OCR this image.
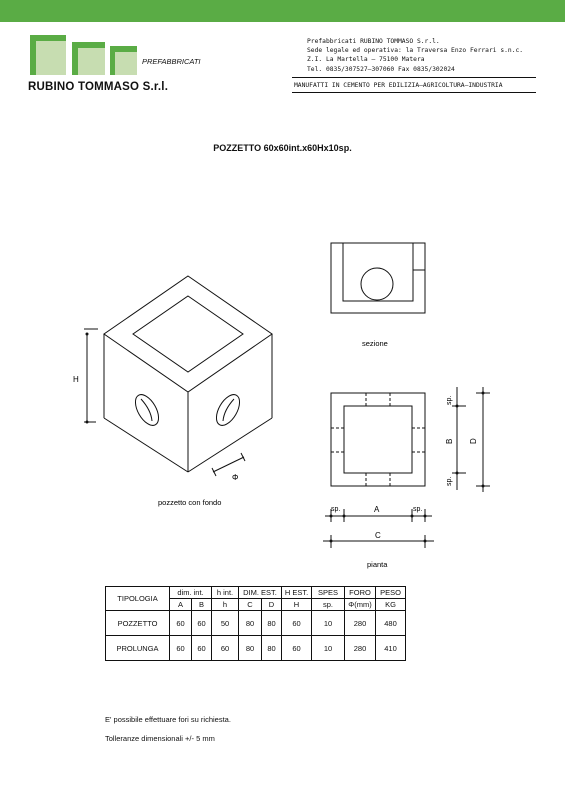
PREFABBRICATI
RUBINO TOMMASO S.r.l.
Prefabbricati RUBINO TOMMASO S.r.l.
Sede legale ed operativa: la Traversa Enzo Ferrari s.n.c.
Z.I. La Martella — 75100 Matera
Tel. 0835/307527—307060 Fax 0835/302024
MANUFATTI IN CEMENTO PER EDILIZIA—AGRICOLTURA—INDUSTRIA
POZZETTO 60x60int.x60Hx10sp.
H
Φ
pozzetto con fondo
sezione
pianta
sp.	sp.
A
C
sp.
sp.
B D
TIPOLOGIA	dim. int.		h int.	DIM. EST.		H EST.	SPES	FORO	PESO
	A	B	h	C	D	H	sp.	Φ(mm)	KG
POZZETTO	60	60	50	80	80	60	10	280	480
PROLUNGA	60	60	60	80	80	60	10	280	410
E' possibile effettuare fori su richiesta.
Tolleranze dimensionali +/- 5 mm
